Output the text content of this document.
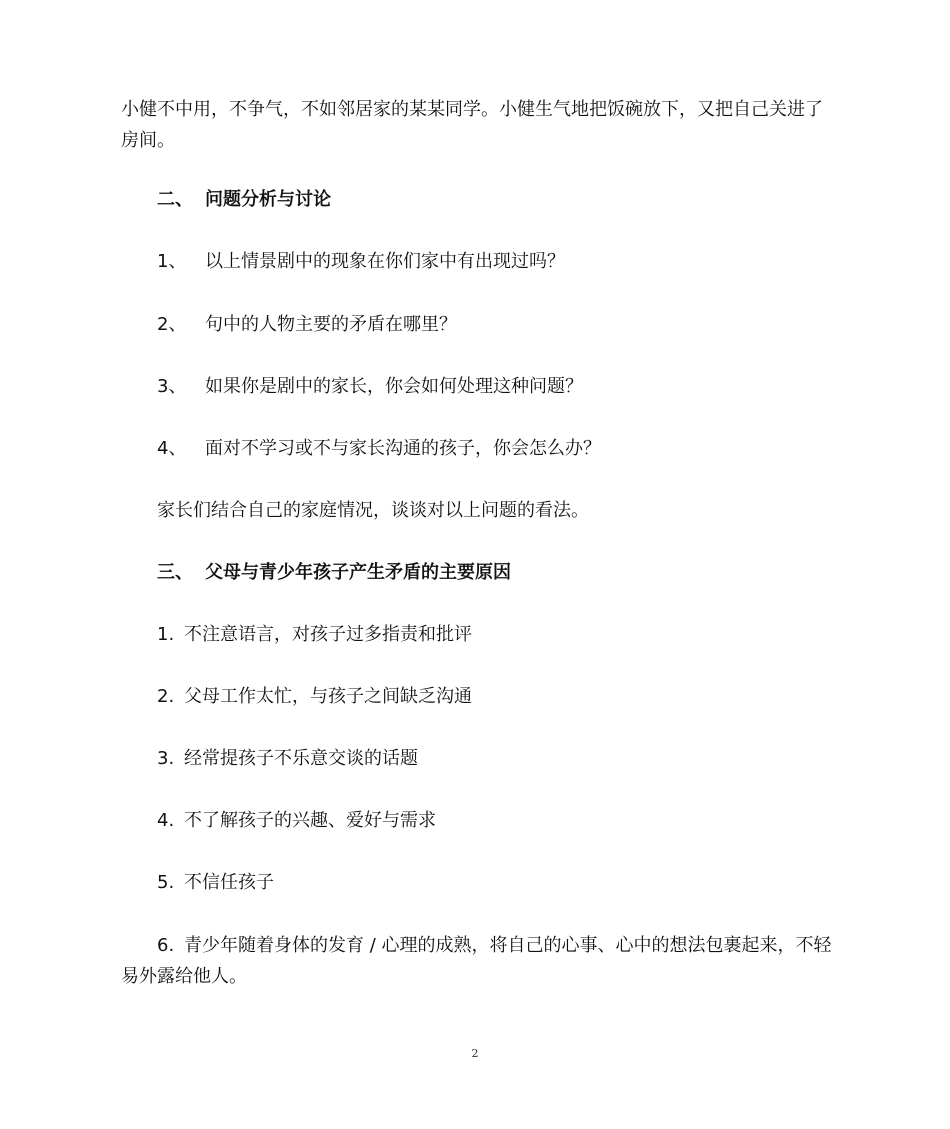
小健不中用，不争气，不如邻居家的某某同学。小健生气地把饭碗放下，又把自己关进了房间。
二、 问题分析与讨论
1、 以上情景剧中的现象在你们家中有出现过吗？
2、 句中的人物主要的矛盾在哪里？
3、 如果你是剧中的家长，你会如何处理这种问题？
4、 面对不学习或不与家长沟通的孩子，你会怎么办？
家长们结合自己的家庭情况，谈谈对以上问题的看法。
三、 父母与青少年孩子产生矛盾的主要原因
1. 不注意语言，对孩子过多指责和批评
2. 父母工作太忙，与孩子之间缺乏沟通
3. 经常提孩子不乐意交谈的话题
4. 不了解孩子的兴趣、爱好与需求
5. 不信任孩子
6. 青少年随着身体的发育 / 心理的成熟，将自己的心事、心中的想法包裹起来，不轻易外露给他人。
2
